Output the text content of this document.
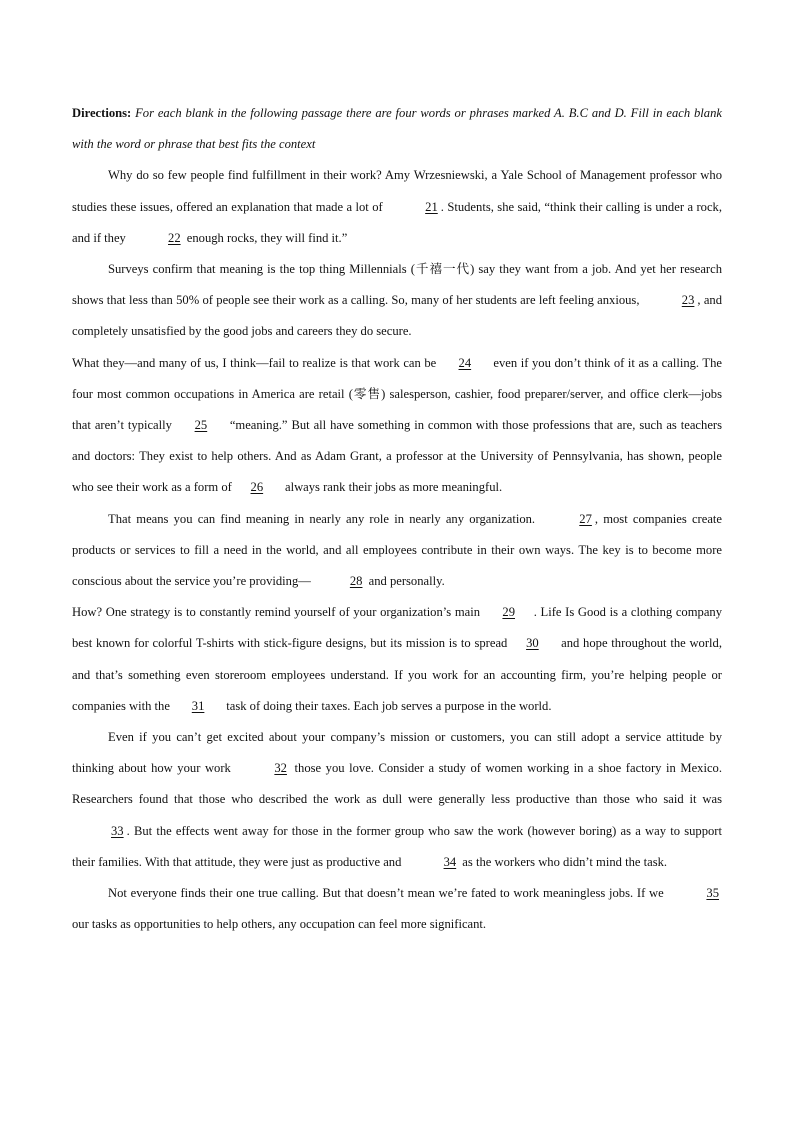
Directions: For each blank in the following passage there are four words or phrases marked A. B.C and D. Fill in each blank with the word or phrase that best fits the context

Why do so few people find fulfillment in their work? Amy Wrzesniewski, a Yale School of Management professor who studies these issues, offered an explanation that made a lot of	21 . Students, she said, “think their calling is under a rock, and if they	22 enough rocks, they will find it.”

Surveys confirm that meaning is the top thing Millennials (千禧一代) say they want from a job. And yet her research shows that less than 50% of people see their work as a calling. So, many of her students are left feeling anxious,	23 , and completely unsatisfied by the good jobs and careers they do secure.

What they—and many of us, I think—fail to realize is that work can be 24 even if you don’t think of it as a calling. The four most common occupations in America are retail (零售) salesperson, cashier, food preparer/server, and office clerk—jobs that aren’t typically 25 “meaning.” But all have something in common with those professions that are, such as teachers and doctors: They exist to help others. And as Adam Grant, a professor at the University of Pennsylvania, has shown, people who see their work as a form of 26 always rank their jobs as more meaningful.

That means you can find meaning in nearly any role in nearly any organization.	27 , most companies create products or services to fill a need in the world, and all employees contribute in their own ways. The key is to become more conscious about the service you’re providing—	28 and personally.

How? One strategy is to constantly remind yourself of your organization’s main 29 . Life Is Good is a clothing company best known for colorful T-shirts with stick-figure designs, but its mission is to spread 30 and hope throughout the world, and that’s something even storeroom employees understand. If you work for an accounting firm, you’re helping people or companies with the 31 task of doing their taxes. Each job serves a purpose in the world.

Even if you can’t get excited about your company’s mission or customers, you can still adopt a service attitude by thinking about how your work	32 those you love. Consider a study of women working in a shoe factory in Mexico. Researchers found that those who described the work as dull were generally less productive than those who said it was 33 . But the effects went away for those in the former group who saw the work (however boring) as a way to support their families. With that attitude, they were just as productive and	34 as the workers who didn’t mind the task.

Not everyone finds their one true calling. But that doesn’t mean we’re fated to work meaningless jobs. If we	35 our tasks as opportunities to help others, any occupation can feel more significant.
